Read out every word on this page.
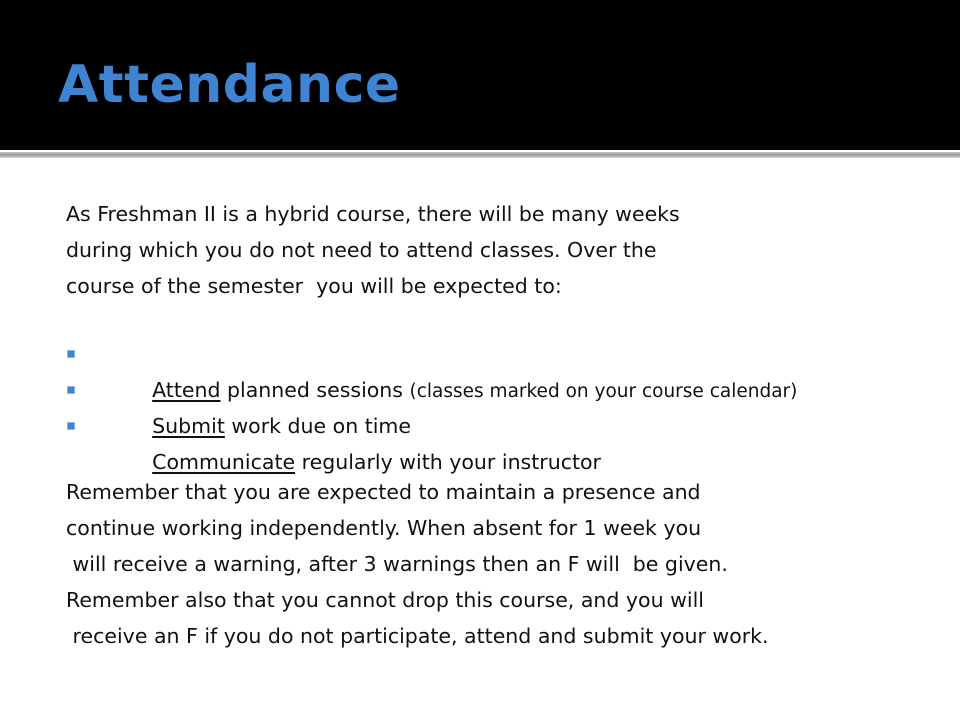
Attendance
As Freshman II is a hybrid course, there will be many weeks
during which you do not need to attend classes. Over the
course of the semester  you will be expected to:

Attend planned sessions (classes marked on your course calendar)

Submit work due on time

Communicate regularly with your instructor

Remember that you are expected to maintain a presence and
continue working independently. When absent for 1 week you
will receive a warning, after 3 warnings then an F will  be given.
Remember also that you cannot drop this course, and you will
receive an F if you do not participate, attend and submit your work.
